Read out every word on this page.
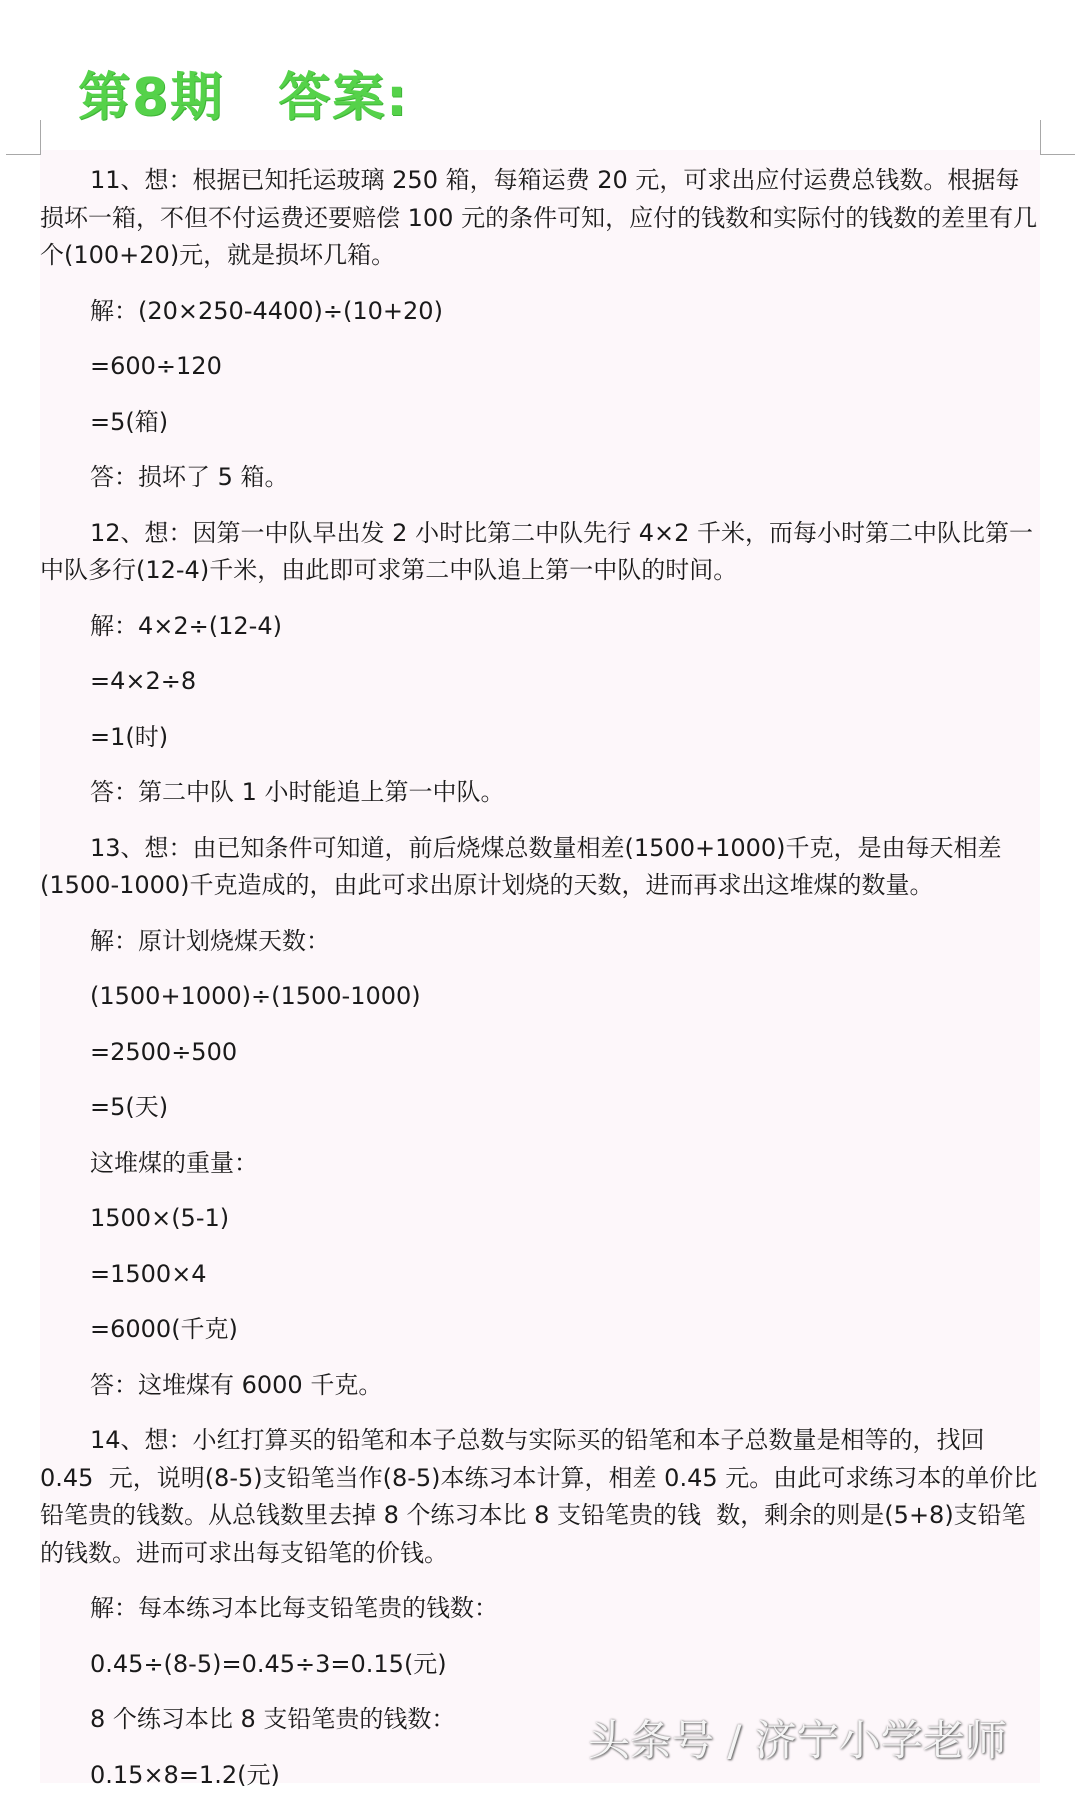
第8期　答案:

11、想：根据已知托运玻璃 250 箱，每箱运费 20 元，可求出应付运费总钱数。根据每损坏一箱，不但不付运费还要赔偿 100 元的条件可知，应付的钱数和实际付的钱数的差里有几个(100+20)元，就是损坏几箱。

解：(20×250-4400)÷(10+20)

=600÷120

=5(箱)

答：损坏了 5 箱。

12、想：因第一中队早出发 2 小时比第二中队先行 4×2 千米，而每小时第二中队比第一中队多行(12-4)千米，由此即可求第二中队追上第一中队的时间。

解：4×2÷(12-4)

=4×2÷8

=1(时)

答：第二中队 1 小时能追上第一中队。

13、想：由已知条件可知道，前后烧煤总数量相差(1500+1000)千克，是由每天相差(1500-1000)千克造成的，由此可求出原计划烧的天数，进而再求出这堆煤的数量。

解：原计划烧煤天数：

(1500+1000)÷(1500-1000)

=2500÷500

=5(天)

这堆煤的重量：

1500×(5-1)

=1500×4

=6000(千克)

答：这堆煤有 6000 千克。

14、想：小红打算买的铅笔和本子总数与实际买的铅笔和本子总数量是相等的，找回 0.45  元，说明(8-5)支铅笔当作(8-5)本练习本计算，相差 0.45 元。由此可求练习本的单价比铅笔贵的钱数。从总钱数里去掉 8 个练习本比 8 支铅笔贵的钱  数，剩余的则是(5+8)支铅笔的钱数。进而可求出每支铅笔的价钱。

解：每本练习本比每支铅笔贵的钱数：

0.45÷(8-5)=0.45÷3=0.15(元)

8 个练习本比 8 支铅笔贵的钱数：

0.15×8=1.2(元)

头条号 / 济宁小学老师
